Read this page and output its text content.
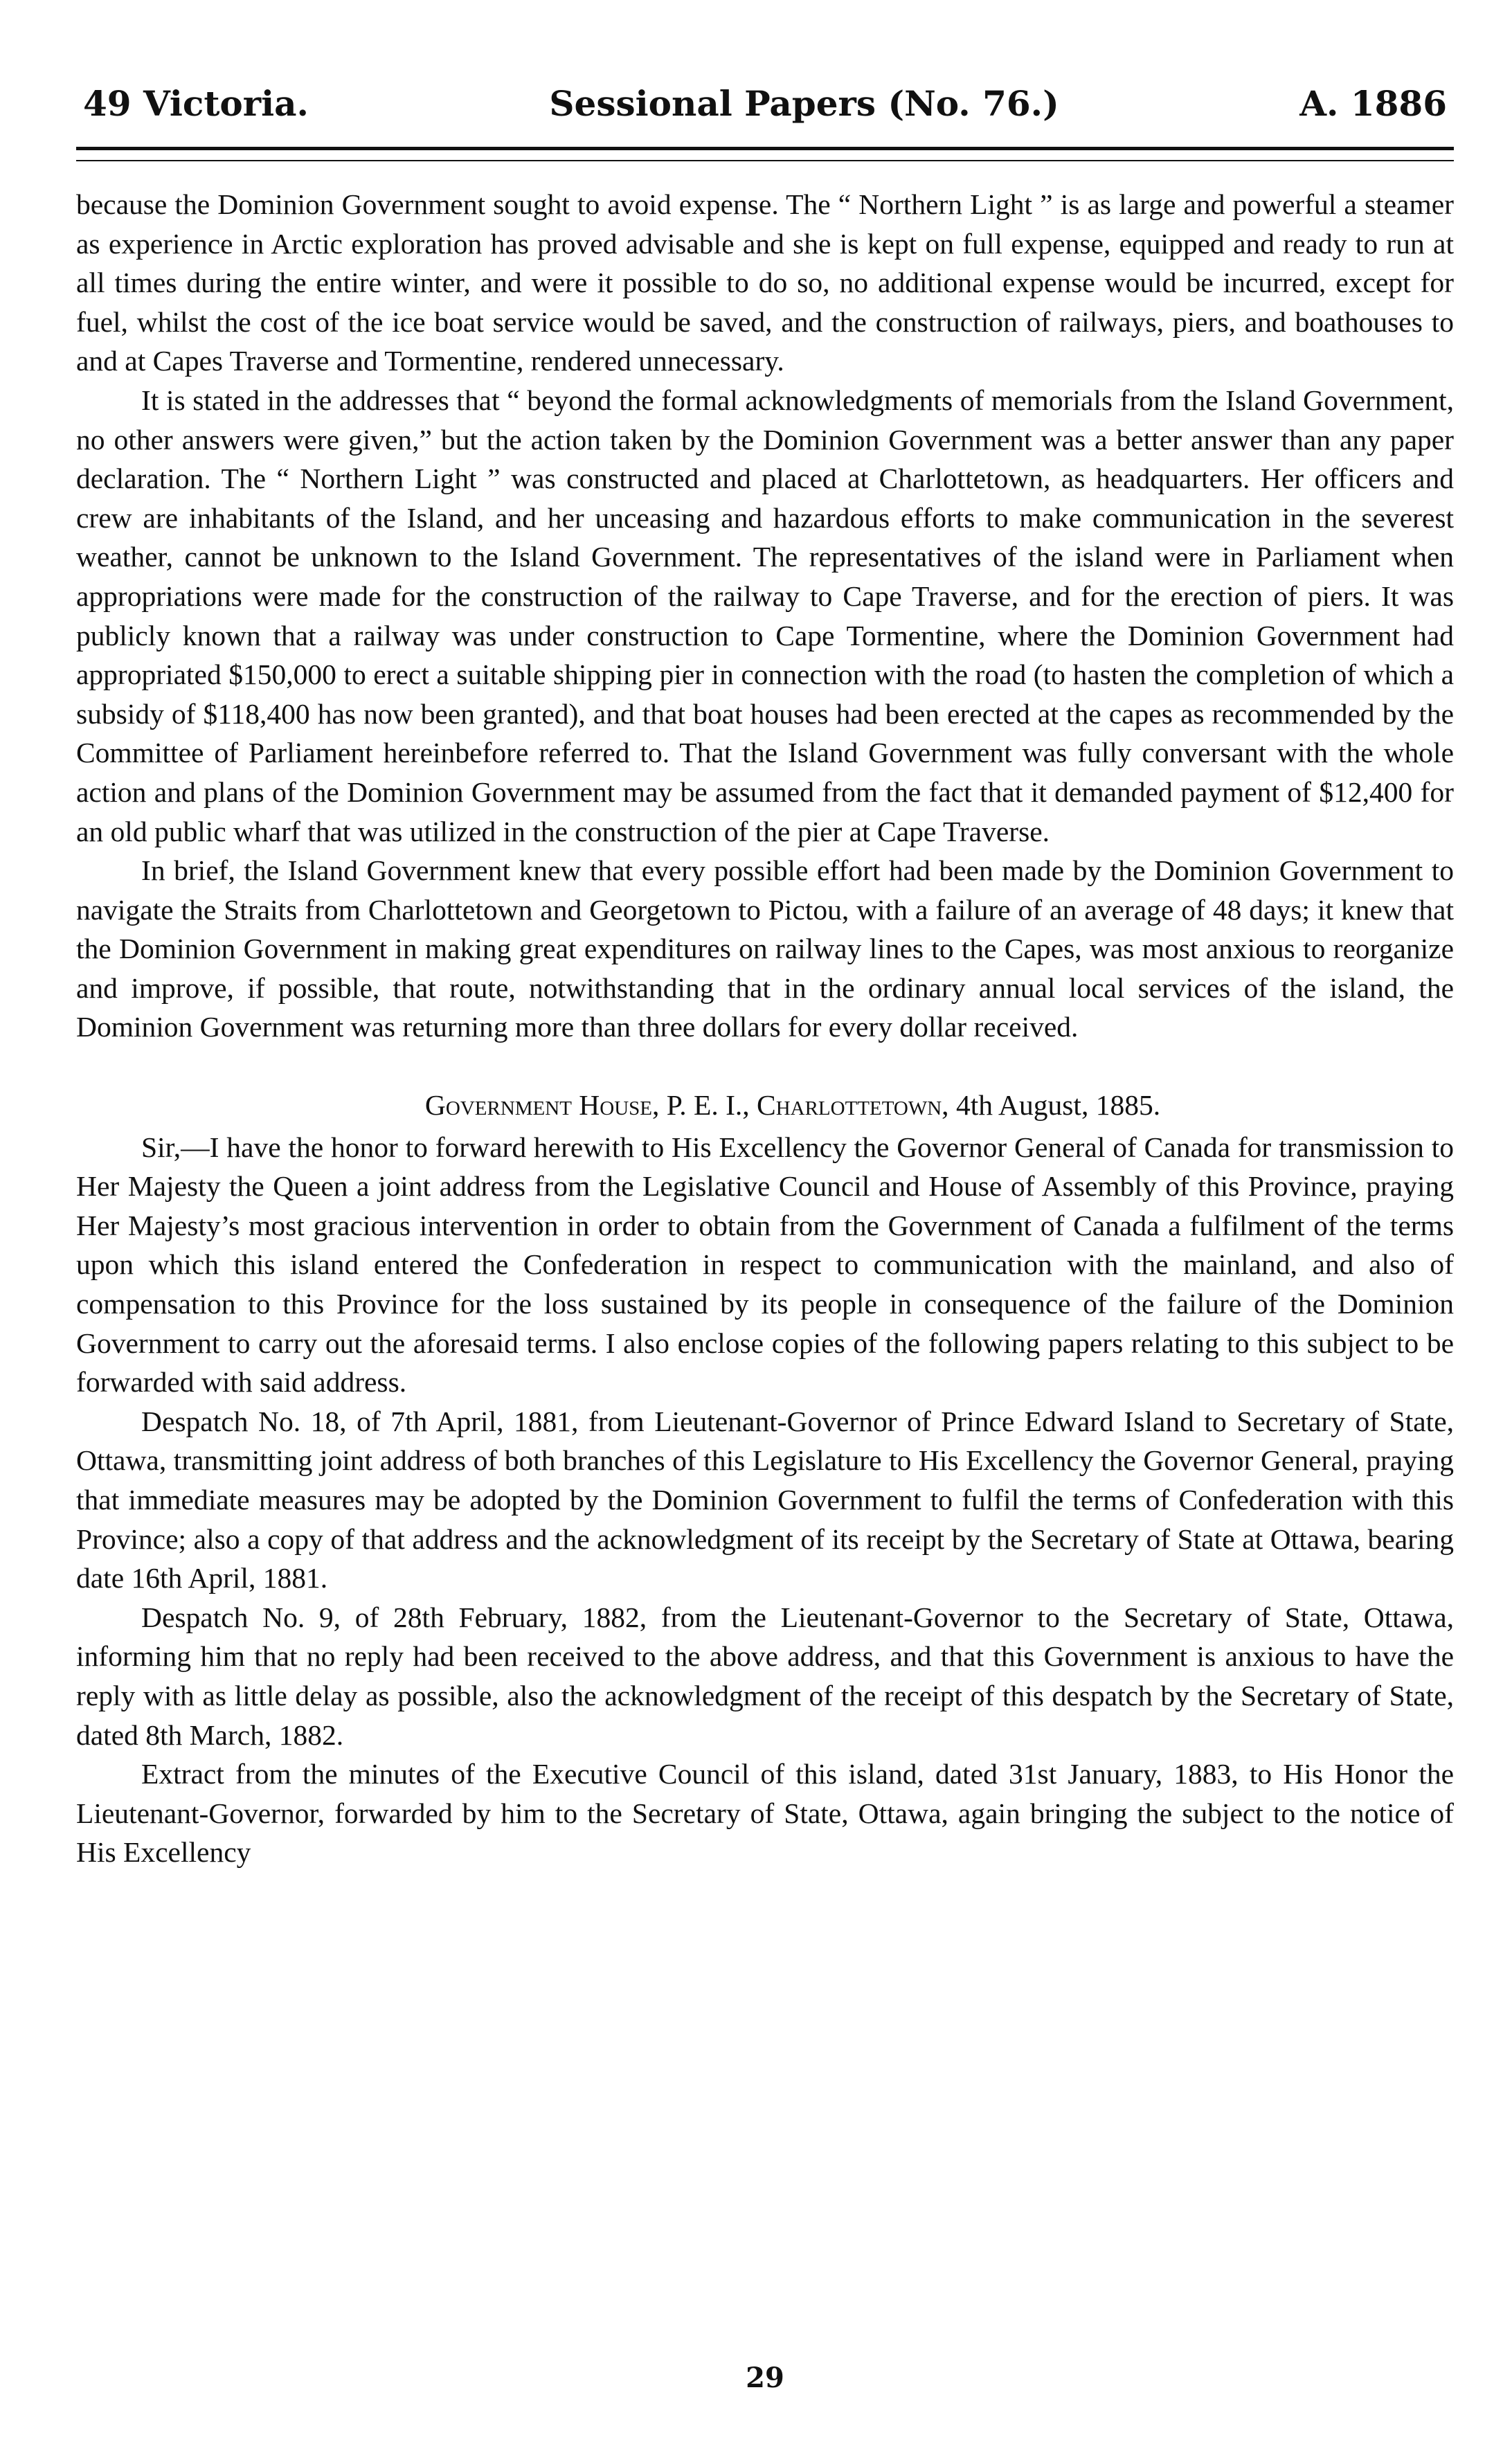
49 Victoria.	Sessional Papers (No. 76.)	A. 1886

because the Dominion Government sought to avoid expense. The “ Northern Light ” is as large and powerful a steamer as experience in Arctic exploration has proved advisable and she is kept on full expense, equipped and ready to run at all times during the entire winter, and were it possible to do so, no additional expense would be incurred, except for fuel, whilst the cost of the ice boat service would be saved, and the construction of railways, piers, and boathouses to and at Capes Traverse and Tormentine, rendered unnecessary.

It is stated in the addresses that “ beyond the formal acknowledgments of memorials from the Island Government, no other answers were given,” but the action taken by the Dominion Government was a better answer than any paper declaration. The “ Northern Light ” was constructed and placed at Charlottetown, as headquarters. Her officers and crew are inhabitants of the Island, and her unceasing and hazardous efforts to make communication in the severest weather, cannot be unknown to the Island Government. The representatives of the island were in Parliament when appropriations were made for the construction of the railway to Cape Traverse, and for the erection of piers. It was publicly known that a railway was under construction to Cape Tormentine, where the Dominion Government had appropriated $150,000 to erect a suitable shipping pier in connection with the road (to hasten the completion of which a subsidy of $118,400 has now been granted), and that boat houses had been erected at the capes as recommended by the Committee of Parliament hereinbefore referred to. That the Island Government was fully conversant with the whole action and plans of the Dominion Government may be assumed from the fact that it demanded payment of $12,400 for an old public wharf that was utilized in the construction of the pier at Cape Traverse.

In brief, the Island Government knew that every possible effort had been made by the Dominion Government to navigate the Straits from Charlottetown and Georgetown to Pictou, with a failure of an average of 48 days; it knew that the Dominion Government in making great expenditures on railway lines to the Capes, was most anxious to reorganize and improve, if possible, that route, notwithstanding that in the ordinary annual local services of the island, the Dominion Government was returning more than three dollars for every dollar received.

Government House, P. E. I., Charlottetown, 4th August, 1885.

Sir,—I have the honor to forward herewith to His Excellency the Governor General of Canada for transmission to Her Majesty the Queen a joint address from the Legislative Council and House of Assembly of this Province, praying Her Majesty’s most gracious intervention in order to obtain from the Government of Canada a fulfilment of the terms upon which this island entered the Confederation in respect to communication with the mainland, and also of compensation to this Province for the loss sustained by its people in consequence of the failure of the Dominion Government to carry out the aforesaid terms. I also enclose copies of the following papers relating to this subject to be forwarded with said address.

Despatch No. 18, of 7th April, 1881, from Lieutenant-Governor of Prince Edward Island to Secretary of State, Ottawa, transmitting joint address of both branches of this Legislature to His Excellency the Governor General, praying that immediate measures may be adopted by the Dominion Government to fulfil the terms of Confederation with this Province; also a copy of that address and the acknowledgment of its receipt by the Secretary of State at Ottawa, bearing date 16th April, 1881.

Despatch No. 9, of 28th February, 1882, from the Lieutenant-Governor to the Secretary of State, Ottawa, informing him that no reply had been received to the above address, and that this Government is anxious to have the reply with as little delay as possible, also the acknowledgment of the receipt of this despatch by the Secretary of State, dated 8th March, 1882.

Extract from the minutes of the Executive Council of this island, dated 31st January, 1883, to His Honor the Lieutenant-Governor, forwarded by him to the Secretary of State, Ottawa, again bringing the subject to the notice of His Excellency

29
